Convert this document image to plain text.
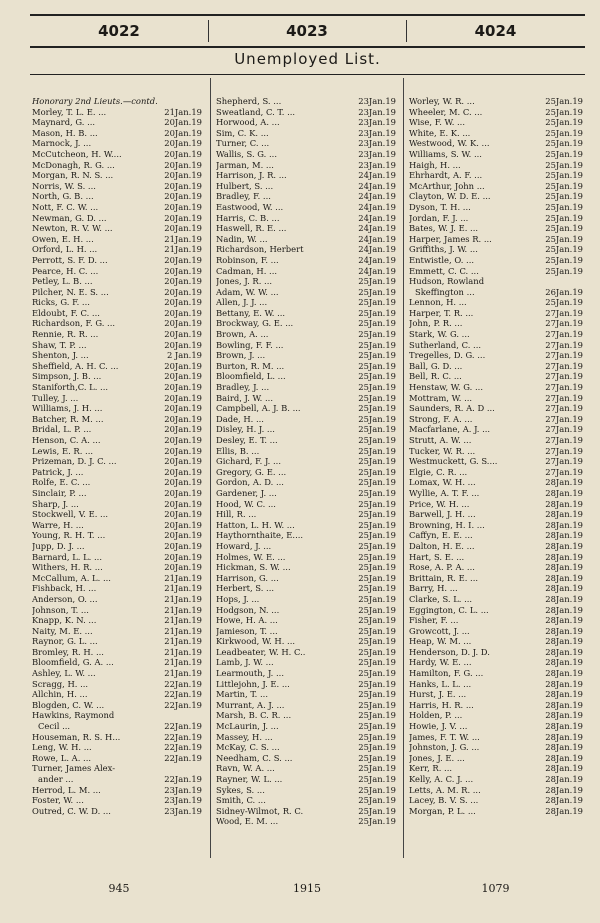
4022	4023	4024
Unemployed List.
Honorary 2nd Lieuts.—contd.
Morley, T. L. E. ...	21Jan.19
Maynard, G. ...	20Jan.19
Mason, H. B. ...	20Jan.19
Marnock, J. ...	20Jan.19
McCutcheon, H. W....	20Jan.19
McDonagh, R. G. ...	20Jan.19
Morgan, R. N. S. ...	20Jan.19
Norris, W. S. ...	20Jan.19
North, G. B. ...	20Jan.19
Nott, F. C. W. ...	20Jan.19
Newman, G. D. ...	20Jan.19
Newton, R. V. W. ...	20Jan.19
Owen, E. H. ...	21Jan.19
Orford, L. H. ...	21Jan.19
Perrott, S. F. D. ...	20Jan.19
Pearce, H. C. ...	20Jan.19
Petley, L. B. ...	20Jan.19
Pilcher, N. E. S. ...	20Jan.19
Ricks, G. F. ...	20Jan.19
Eldoubt, F. C. ...	20Jan.19
Richardson, F. G. ...	20Jan.19
Rennie, R. R. ...	20Jan.19
Shaw, T. P. ...	20Jan.19
Shenton, J. ...	2 Jan.19
Sheffield, A. H. C. ...	20Jan.19
Simpson, J. B. ...	20Jan.19
Staniforth,C. L. ...	20Jan.19
Tulley, J. ...	20Jan.19
Williams, J. H. ...	20Jan.19
Batcher, R. M. ...	20Jan.19
Bridal, L. P. ...	20Jan.19
Henson, C. A. ...	20Jan.19
Lewis, E. R. ...	20Jan.19
Prizeman, D. J. C. ...	20Jan.19
Patrick, J. ...	20Jan.19
Rolfe, E. C. ...	20Jan.19
Sinclair, P. ...	20Jan.19
Sharp, J. ...	20Jan.19
Stockwell, V. E. ...	20Jan.19
Warre, H. ...	20Jan.19
Young, R. H. T. ...	20Jan.19
Jupp, D. J. ...	20Jan.19
Barnard, L. L. ...	20Jan.19
Withers, H. R. ...	20Jan.19
McCallum, A. L. ...	21Jan.19
Fishback, H. ...	21Jan.19
Anderson, O. ...	21Jan.19
Johnson, T. ...	21Jan.19
Knapp, K. N. ...	21Jan.19
Naity, M. E. ...	21Jan.19
Raynor, G. L. ...	21Jan.19
Bromley, R. H. ...	21Jan.19
Bloomfield, G. A. ...	21Jan.19
Ashley, L. W. ...	21Jan.19
Scragg, H. ...	22Jan.19
Allchin, H. ...	22Jan.19
Blogden, C. W. ...	22Jan.19
Hawkins, Raymond
Cecil ...	22Jan.19
Houseman, R. S. H...	22Jan.19
Leng, W. H. ...	22Jan.19
Rowe, L. A. ...	22Jan.19
Turner, James Alex-
ander ...	22Jan.19
Herrod, L. M. ...	23Jan.19
Foster, W. ...	23Jan.19
Outred, C. W. D. ...	23Jan.19
Shepherd, S. ...	23Jan.19
Sweatland, C. T. ...	23Jan.19
Horwood, A. ...	23Jan.19
Sim, C. K. ...	23Jan.19
Turner, C. ...	23Jan.19
Wallis, S. G. ...	23Jan.19
Jarman, M. ...	23Jan.19
Harrison, J. R. ...	24Jan.19
Hulbert, S. ...	24Jan.19
Bradley, F. ...	24Jan.19
Eastwood, W. ...	24Jan.19
Harris, C. B. ...	24Jan.19
Haswell, R. E. ...	24Jan.19
Nadin, W. ...	24Jan.19
Richardson, Herbert	24Jan.19
Robinson, F. ...	24Jan.19
Cadman, H. ...	24Jan.19
Jones, J. R. ...	25Jan.19
Adam, W. W. ...	25Jan.19
Allen, J. J. ...	25Jan.19
Bettany, E. W. ...	25Jan.19
Brockway, G. E. ...	25Jan.19
Brown, A. ...	25Jan.19
Bowling, F. F. ...	25Jan.19
Brown, J. ...	25Jan.19
Burton, R. M. ...	25Jan.19
Bloomfield, L. ...	25Jan.19
Bradley, J. ...	25Jan.19
Baird, J. W. ...	25Jan.19
Campbell, A. J. B. ...	25Jan.19
Dade, H. ...	25Jan.19
Disley, H. J. ...	25Jan.19
Desley, E. T. ...	25Jan.19
Ellis, B. ...	25Jan.19
Gichard, F. J. ...	25Jan.19
Gregory, G. E. ...	25Jan.19
Gordon, A. D. ...	25Jan.19
Gardener, J. ...	25Jan.19
Hood, W. C. ...	25Jan.19
Hill, R. ...	25Jan.19
Hatton, L. H. W. ...	25Jan.19
Haythornthaite, E....	25Jan.19
Howard, J. ...	25Jan.19
Holmes, W. E. ...	25Jan.19
Hickman, S. W. ...	25Jan.19
Harrison, G. ...	25Jan.19
Herbert, S. ...	25Jan.19
Hops, J. ...	25Jan.19
Hodgson, N. ...	25Jan.19
Howe, H. A. ...	25Jan.19
Jamieson, T. ...	25Jan.19
Kirkwood, W. H. ...	25Jan.19
Leadbeater, W. H. C..	25Jan.19
Lamb, J. W. ...	25Jan.19
Learmouth, J. ...	25Jan.19
Littlejohn, J. E. ...	25Jan.19
Martin, T. ...	25Jan.19
Murrant, A. J. ...	25Jan.19
Marsh, B. C. R. ...	25Jan.19
McLaurin, J. ...	25Jan.19
Massey, H. ...	25Jan.19
McKay, C. S. ...	25Jan.19
Needham, C. S. ...	25Jan.19
Ravn, W. A. ...	25Jan.19
Rayner, W. L. ...	25Jan.19
Sykes, S. ...	25Jan.19
Smith, C. ...	25Jan.19
Sidney-Wilmot, R. C.	25Jan.19
Wood, E. M. ...	25Jan.19
Worley, W. R. ...	25Jan.19
Wheeler, M. C. ...	25Jan.19
Wise, F. W. ...	25Jan.19
White, E. K. ...	25Jan.19
Westwood, W. K. ...	25Jan.19
Williams, S. W. ...	25Jan.19
Haigh, H. ...	25Jan.19
Ehrhardt, A. F. ...	25Jan.19
McArthur, John ...	25Jan.19
Clayton, W. D. E. ...	25Jan.19
Dyson, T. H. ...	25Jan.19
Jordan, F. J. ...	25Jan.19
Bates, W. J. E. ...	25Jan.19
Harper, James R. ...	25Jan.19
Griffiths, J. W. ...	25Jan.19
Entwistle, O. ...	25Jan.19
Emmett, C. C. ...	25Jan.19
Hudson, Rowland
Skeffington ...	26Jan.19
Lennon, H. ...	25Jan.19
Harper, T. R. ...	27Jan.19
John, P. R. ...	27Jan.19
Stark, W. G. ...	27Jan.19
Sutherland, C. ...	27Jan.19
Tregelles, D. G. ...	27Jan.19
Ball, G. D. ...	27Jan.19
Bell, R. C. ...	27Jan.19
Henstaw, W. G. ...	27Jan.19
Mottram, W. ...	27Jan.19
Saunders, R. A. D ...	27Jan.19
Strong, F. A. ...	27Jan.19
Macfarlane, A. J. ...	27Jan.19
Strutt, A. W. ...	27Jan.19
Tucker, W. R. ...	27Jan.19
Westmuckett, G. S....	27Jan.19
Elgie, C. R. ...	27Jan.19
Lomax, W. H. ...	28Jan.19
Wyllie, A. T. F. ...	28Jan.19
Price, W. H. ...	28Jan.19
Barwell, J. H. ...	28Jan.19
Browning, H. I. ...	28Jan.19
Caffyn, E. E. ...	28Jan.19
Dalton, H. E. ...	28Jan.19
Hart, S. E. ...	28Jan.19
Rose, A. P. A. ...	28Jan.19
Brittain, R. E. ...	28Jan.19
Barry, H. ...	28Jan.19
Clarke, S. L. ...	28Jan.19
Eggington, C. L. ...	28Jan.19
Fisher, F. ...	28Jan.19
Growcott, J. ...	28Jan.19
Heap, W. M. ...	28Jan.19
Henderson, D. J. D.	28Jan.19
Hardy, W. E. ...	28Jan.19
Hamilton, F. G. ...	28Jan.19
Hanks, L. L. ...	28Jan.19
Hurst, J. E. ...	28Jan.19
Harris, H. R. ...	28Jan.19
Holden, P. ...	28Jan.19
Howie, J. V. ...	28Jan.19
James, F. T. W. ...	28Jan.19
Johnston, J. G. ...	28Jan.19
Jones, J. E. ...	28Jan.19
Kerr, R. ...	28Jan.19
Kelly, A. C. J. ...	28Jan.19
Letts, A. M. R. ...	28Jan.19
Lacey, B. V. S. ...	28Jan.19
Morgan, P. L. ...	28Jan.19
945	1915	1079
